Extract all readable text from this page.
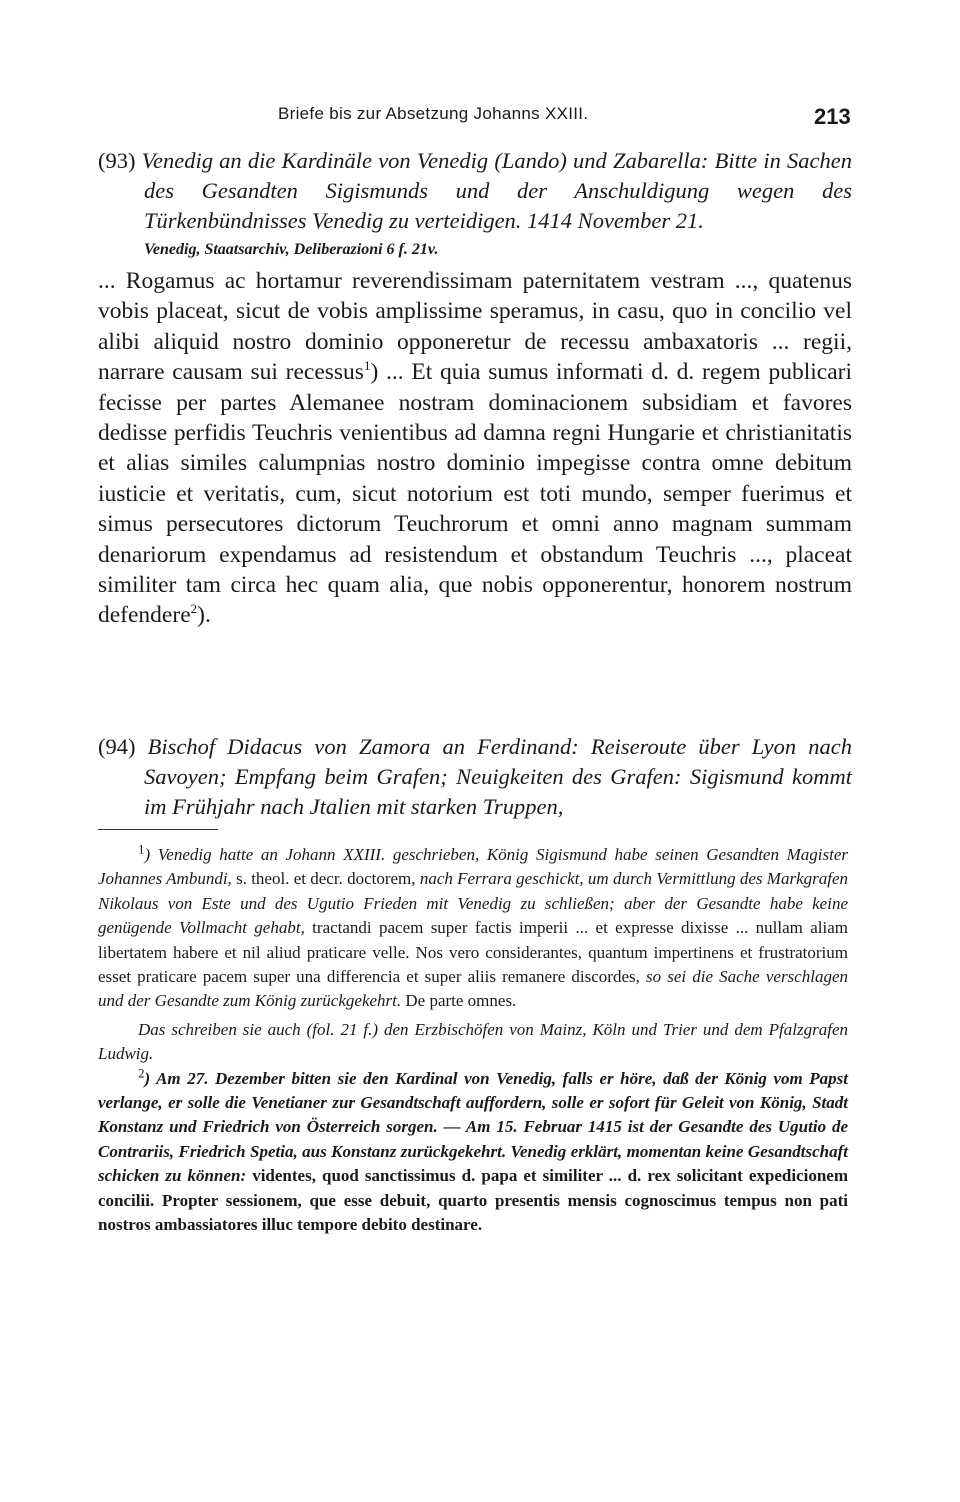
Briefe bis zur Absetzung Johanns XXIII.	213
(93) Venedig an die Kardinäle von Venedig (Lando) und Zabarella: Bitte in Sachen des Gesandten Sigismunds und der Anschuldigung wegen des Türkenbündnisses Venedig zu verteidigen. 1414 November 21.
Venedig, Staatsarchiv, Deliberazioni 6 f. 21v.
... Rogamus ac hortamur reverendissimam paternitatem vestram ..., quatenus vobis placeat, sicut de vobis amplissime speramus, in casu, quo in concilio vel alibi aliquid nostro dominio opponeretur de recessu ambaxatoris ... regii, narrare causam sui recessus$^1$) ... Et quia sumus informati d. d. regem publicari fecisse per partes Alemanee nostram dominacionem subsidiam et favores dedisse perfidis Teuchris venientibus ad damna regni Hungarie et christianitatis et alias similes calumpnias nostro dominio impegisse contra omne debitum iusticie et veritatis, cum, sicut notorium est toti mundo, semper fuerimus et simus persecutores dictorum Teuchrorum et omni anno magnam summam denariorum expendamus ad resistendum et obstandum Teuchris ..., placeat similiter tam circa hec quam alia, que nobis opponerentur, honorem nostrum defendere$^2$).
(94) Bischof Didacus von Zamora an Ferdinand: Reiseroute über Lyon nach Savoyen; Empfang beim Grafen; Neuigkeiten des Grafen: Sigismund kommt im Frühjahr nach Jtalien mit starken Truppen,

$^1$) Venedig hatte an Johann XXIII. geschrieben, König Sigismund habe seinen Gesandten Magister Johannes Ambundi, s. theol. et decr. doctorem, nach Ferrara geschickt, um durch Vermittlung des Markgrafen Nikolaus von Este und des Ugutio Frieden mit Venedig zu schließen; aber der Gesandte habe keine genügende Vollmacht gehabt, tractandi pacem super factis imperii ... et expresse dixisse ... nullam aliam libertatem habere et nil aliud praticare velle. Nos vero considerantes, quantum impertinens et frustratorium esset praticare pacem super una differencia et super aliis remanere discordes, so sei die Sache verschlagen und der Gesandte zum König zurückgekehrt. De parte omnes.

Das schreiben sie auch (fol. 21 f.) den Erzbischöfen von Mainz, Köln und Trier und dem Pfalzgrafen Ludwig.

$^2$) Am 27. Dezember bitten sie den Kardinal von Venedig, falls er höre, daß der König vom Papst verlange, er solle die Venetianer zur Gesandtschaft auffordern, solle er sofort für Geleit von König, Stadt Konstanz und Friedrich von Österreich sorgen. — Am 15. Februar 1415 ist der Gesandte des Ugutio de Contrariis, Friedrich Spetia, aus Konstanz zurückgekehrt. Venedig erklärt, momentan keine Gesandtschaft schicken zu können: videntes, quod sanctissimus d. papa et similiter ... d. rex solicitant expedicionem concilii. Propter sessionem, que esse debuit, quarto presentis mensis cognoscimus tempus non pati nostros ambassiatores illuc tempore debito destinare.
